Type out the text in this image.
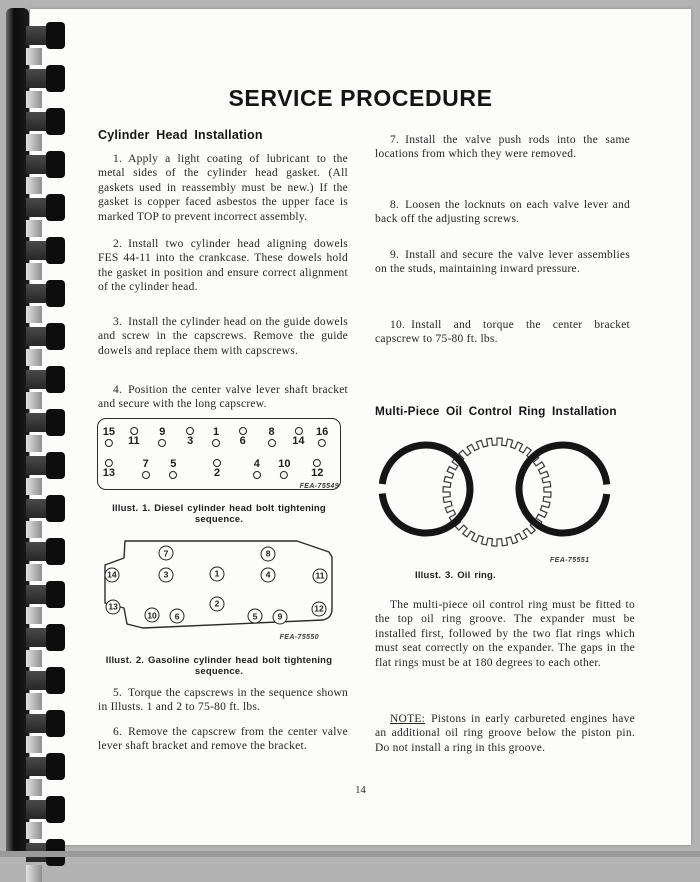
SERVICE PROCEDURE
Cylinder Head Installation

1. Apply a light coating of lubricant to the metal sides of the cylinder head gasket. (All gaskets used in reassembly must be new.) If the gasket is copper faced asbestos the upper face is marked TOP to prevent incorrect assembly.

2. Install two cylinder head aligning dowels FES 44-11 into the crankcase. These dowels hold the gasket in position and ensure correct alignment of the cylinder head.

3. Install the cylinder head on the guide dowels and screw in the capscrews. Remove the guide dowels and replace them with capscrews.

4. Position the center valve lever shaft bracket and secure with the long capscrew.

15
11
9
3
1
6
8
14
16
13
7 5
2
4 10
12
FEA-75549
Illust. 1. Diesel cylinder head bolt tightening sequence.
7	8
14	3	1	4	11
13	2	12
10	6	5	9
FEA-75550
Illust. 2. Gasoline cylinder head bolt tightening sequence.

5. Torque the capscrews in the sequence shown in Illusts. 1 and 2 to 75-80 ft. lbs.

6. Remove the capscrew from the center valve lever shaft bracket and remove the bracket.

7. Install the valve push rods into the same locations from which they were removed.

8. Loosen the locknuts on each valve lever and back off the adjusting screws.

9. Install and secure the valve lever assemblies on the studs, maintaining inward pressure.

10. Install and torque the center bracket capscrew to 75-80 ft. lbs.

Multi-Piece Oil Control Ring Installation
FEA-75551
Illust. 3. Oil ring.

The multi-piece oil control ring must be fitted to the top oil ring groove. The expander must be installed first, followed by the two flat rings which must seat correctly on the expander. The gaps in the flat rings must be at 180 degrees to each other.

NOTE: Pistons in early carbureted engines have an additional oil ring groove below the piston pin. Do not install a ring in this groove.

14
